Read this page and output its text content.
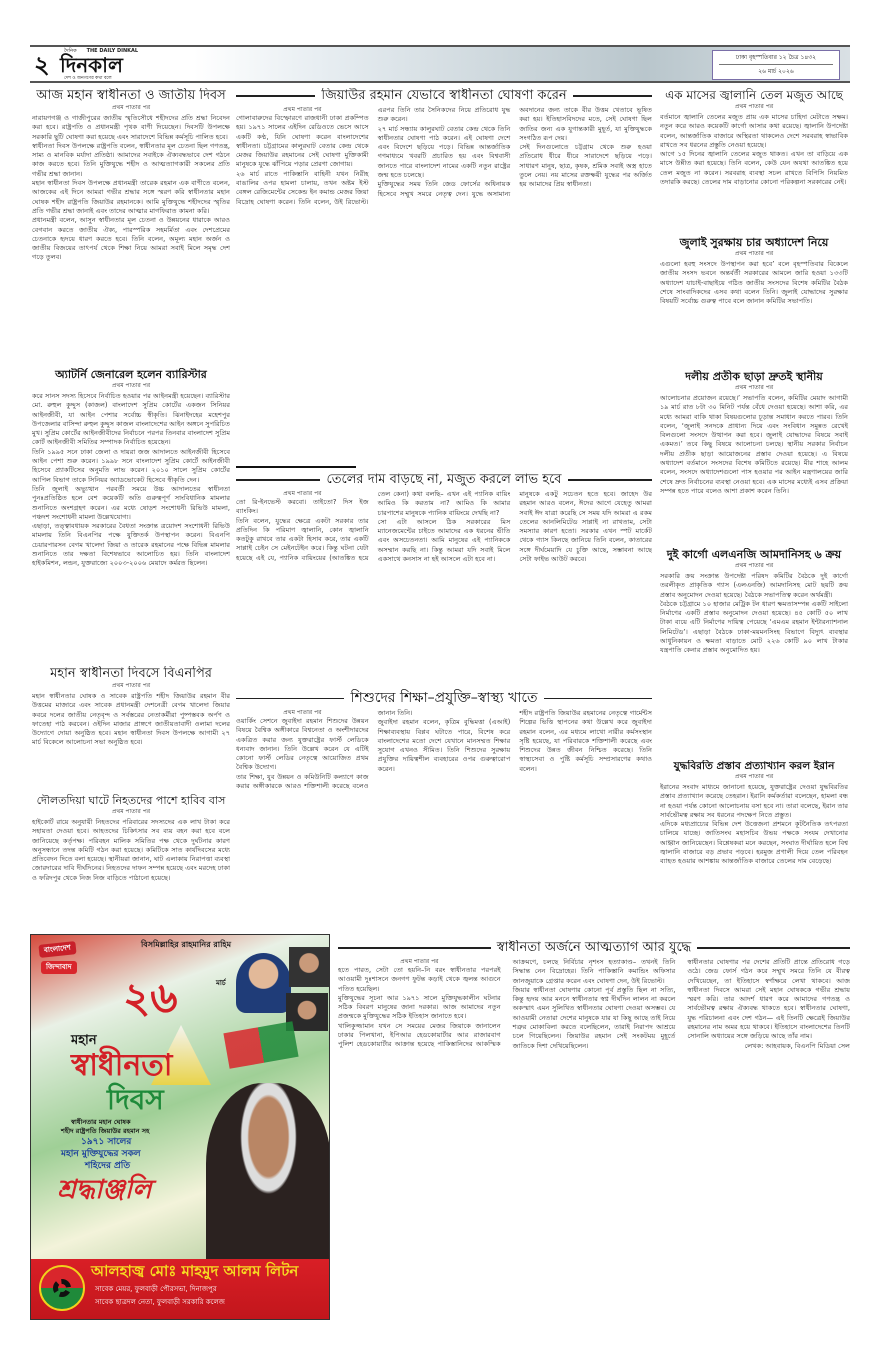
২	দৈনিক THE DAILY DINKAL
দিনকাল
দেশ ও জনগণের কথা বলে
ঢাকা বৃহস্পতিবার ১২ চৈত্র ১৪৩২
২৬ মার্চ ২০২৬
আজ মহান স্বাধীনতা ও জাতীয় দিবস
প্রথম পাতার পর

নারায়ণগঞ্জ ও গাজীপুরের জাতীয় স্মৃতিসৌধে শহীদদের প্রতি শ্রদ্ধা নিবেদন করা হবে। রাষ্ট্রপতি ও প্রধানমন্ত্রী পৃথক বাণী দিয়েছেন। দিবসটি উপলক্ষে সরকারি ছুটি ঘোষণা করা হয়েছে এবং সারাদেশে বিভিন্ন কর্মসূচি পালিত হবে।

স্বাধীনতা দিবস উপলক্ষে রাষ্ট্রপতি বলেন, স্বাধীনতার মূল চেতনা ছিল গণতন্ত্র, সাম্য ও মানবিক মর্যাদা প্রতিষ্ঠা। আমাদের সবাইকে ঐক্যবদ্ধভাবে দেশ গঠনে কাজ করতে হবে। তিনি মুক্তিযুদ্ধে শহীদ ও আত্মত্যাগকারী সকলের প্রতি গভীর শ্রদ্ধা জানান।

মহান স্বাধীনতা দিবস উপলক্ষে প্রধানমন্ত্রী তারেক রহমান এক বাণীতে বলেন, আজকের এই দিনে আমরা গভীর শ্রদ্ধার সঙ্গে স্মরণ করি স্বাধীনতার মহান ঘোষক শহীদ রাষ্ট্রপতি জিয়াউর রহমানকে। আমি মুক্তিযুদ্ধে শহীদদের স্মৃতির প্রতি গভীর শ্রদ্ধা জানাই এবং তাদের আত্মার মাগফিরাত কামনা করি।

প্রধানমন্ত্রী বলেন, আসুন স্বাধীনতার মূল চেতনা ও উন্নয়নের ধারাকে আরও বেগবান করতে জাতীয় ঐক্য, পারস্পরিক সহমর্মিতা এবং দেশপ্রেমের চেতনাকে হৃদয়ে ধারণ করতে হবে। তিনি বলেন, অমূল্য মহান অর্জন ও জাতীয় বিজয়ের তাৎপর্য থেকে শিক্ষা নিয়ে আমরা সবাই মিলে সমৃদ্ধ দেশ গড়ে তুলব।

অ্যাটর্নি জেনারেল হলেন ব্যারিস্টার
প্রথম পাতার পর

করে সানস সদস্য হিসেবে নির্বাচিত হওয়ার পর আইনমন্ত্রী হয়েছেন। ব্যারিস্টার মো. রুহুল কুদ্দুস (কাজল) বাংলাদেশ সুপ্রিম কোর্টের একজন সিনিয়র আইনজীবী, যা আইন পেশার সর্বোচ্চ স্বীকৃতি। ঝিনাইদহের মহেশপুর উপজেলার বাসিন্দা রুহুল কুদ্দুস কাজল বাংলাদেশের আইন অঙ্গনে সুপরিচিত মুখ। সুপ্রিম কোর্টের আইনজীবীদের নির্বাচনে পরপর তিনবার বাংলাদেশ সুপ্রিম কোর্ট আইনজীবী সমিতির সম্পাদক নির্বাচিত হয়েছেন।

তিনি ১৯৯৫ সনে ঢাকা জেলা ও দায়রা জজ আদালতে আইনজীবী হিসেবে আইন পেশা শুরু করেন। ১৯৯৮ সনে বাংলাদেশ সুপ্রিম কোর্টে আইনজীবী হিসেবে প্র্যাকটিসের অনুমতি লাভ করেন। ২০১০ সালে সুপ্রিম কোর্টের আপিল বিভাগ তাকে সিনিয়র অ্যাডভোকেট হিসেবে স্বীকৃতি দেন।

তিনি জুলাই অভ্যুত্থান পরবর্তী সময়ে উচ্চ আদালতের স্বাধীনতা পুনঃপ্রতিষ্ঠিত হলে বেশ কয়েকটি অতি গুরুত্বপূর্ণ সাংবিধানিক মামলার শুনানিতে অংশগ্রহণ করেন। এর মধ্যে ষোড়শ সংশোধনী রিভিউ মামলা, পঞ্চদশ সংশোধনী মামলা উল্লেখযোগ্য।

এছাড়া, তত্ত্বাবধায়ক সরকারের বৈধতা সংক্রান্ত ত্রয়োদশ সংশোধনী রিভিউ মামলায় তিনি বিএনপির পক্ষে যুক্তিতর্ক উপস্থাপন করেন। বিএনপি চেয়ারপারসন বেগম খালেদা জিয়া ও তারেক রহমানের পক্ষে বিভিন্ন মামলার শুনানিতে তার দক্ষতা বিশেষভাবে আলোচিত হয়। তিনি বাংলাদেশ হাইকমিশন, লন্ডন, যুক্তরাজ্যে ২০০৩-২০০৬ মেয়াদে কর্মরত ছিলেন।

মহান স্বাধীনতা দিবসে বিএনপির
প্রথম পাতার পর

মহান স্বাধীনতার ঘোষক ও সাবেক রাষ্ট্রপতি শহীদ জিয়াউর রহমান বীর উত্তমের মাজারে এবং সাবেক প্রধানমন্ত্রী দেশনেত্রী বেগম খালেদা জিয়ার কবরে দলের জাতীয় নেতৃবৃন্দ ও সর্বস্তরের নেতাকর্মীরা পুষ্পস্তবক অর্পণ ও ফাতেহা পাঠ করবেন। ওইদিন মাজার প্রাঙ্গণে জাতীয়তাবাদী ওলামা দলের উদ্যোগে দোয়া অনুষ্ঠিত হবে। মহান স্বাধীনতা দিবস উপলক্ষে আগামী ২৭ মার্চ বিকেলে আলোচনা সভা অনুষ্ঠিত হবে।

দৌলতদিয়া ঘাটে নিহতদের পাশে হাবিব বাস
প্রথম পাতার পর

হাইকোর্ট রায়ে অনুযায়ী নিহতদের পরিবারের সদস্যদের এক লাখ টাকা করে সহায়তা দেওয়া হবে। আহতদের চিকিৎসার সব ব্যয় বহন করা হবে বলে জানিয়েছে কর্তৃপক্ষ। পরিবহন মালিক সমিতির পক্ষ থেকে দুর্ঘটনার কারণ অনুসন্ধানে তদন্ত কমিটি গঠন করা হয়েছে। কমিটিকে সাত কার্যদিবসের মধ্যে প্রতিবেদন দিতে বলা হয়েছে। স্থানীয়রা জানান, ঘাট এলাকায় নিরাপত্তা ব্যবস্থা জোরদারের দাবি দীর্ঘদিনের। নিহতদের দাফন সম্পন্ন হয়েছে এবং মরদেহ ঢাকা ও ফরিদপুর থেকে নিজ নিজ বাড়িতে পাঠানো হয়েছে।

জিয়াউর রহমান যেভাবে স্বাধীনতা ঘোষণা করেন
প্রথম পাতার পর

গোলাবারুদের বিস্ফোরণে রাজধানী ঢাকা প্রকম্পিত হয়। ১৯৭১ সালের এইদিন রেডিওতে ভেসে আসে একটি কণ্ঠ, যিনি ঘোষণা করেন বাংলাদেশের স্বাধীনতা। চট্টগ্রামের কালুরঘাট বেতার কেন্দ্র থেকে মেজর জিয়াউর রহমানের সেই ঘোষণা মুক্তিকামী মানুষকে যুদ্ধে ঝাঁপিয়ে পড়ার প্রেরণা জোগায়।

২৬ মার্চ রাতে পাকিস্তানি বাহিনী যখন নিরীহ বাঙালির ওপর হামলা চালায়, তখন অষ্টম ইস্ট বেঙ্গল রেজিমেন্টের সেকেন্ড ইন কমান্ড মেজর জিয়া বিদ্রোহ ঘোষণা করেন। তিনি বলেন, উই রিভোল্ট। এরপর তিনি তার সৈনিকদের নিয়ে প্রতিরোধ যুদ্ধ শুরু করেন।

২৭ মার্চ সন্ধ্যায় কালুরঘাট বেতার কেন্দ্র থেকে তিনি স্বাধীনতার ঘোষণা পাঠ করেন। এই ঘোষণা দেশে এবং বিদেশে ছড়িয়ে পড়ে। বিভিন্ন আন্তর্জাতিক গণমাধ্যমে খবরটি প্রচারিত হয় এবং বিশ্ববাসী জানতে পারে বাংলাদেশ নামের একটি নতুন রাষ্ট্রের জন্ম হতে চলেছে।

মুক্তিযুদ্ধের সময় তিনি জেড ফোর্সের অধিনায়ক হিসেবে সম্মুখ সমরে নেতৃত্ব দেন। যুদ্ধে অসামান্য অবদানের জন্য তাকে বীর উত্তম খেতাবে ভূষিত করা হয়। ইতিহাসবিদদের মতে, সেই ঘোষণা ছিল জাতির জন্য এক যুগান্তকারী মুহূর্ত, যা মুক্তিযুদ্ধকে সংগঠিত রূপ দেয়।

সেই দিনগুলোতে চট্টগ্রাম থেকে শুরু হওয়া প্রতিরোধ ধীরে ধীরে সারাদেশে ছড়িয়ে পড়ে। সাধারণ মানুষ, ছাত্র, কৃষক, শ্রমিক সবাই অস্ত্র হাতে তুলে নেয়। নয় মাসের রক্তক্ষয়ী যুদ্ধের পর অর্জিত হয় আমাদের প্রিয় স্বাধীনতা।

তেলের দাম বাড়ছে না, মজুত করলে লাভ হবে
প্রথম পাতার পর

তো রি-ইনভেস্ট করবো। তাইতো? দিস ইজ ব্যাংকিং।

তিনি বলেন, যুদ্ধের ক্ষেত্রে একটা সরকার তার প্রতিদিন কি পরিমাণ জ্বালানি, কোন জ্বালানি কতটুকু রাখবে তার একটা হিসাব করে, তার একটি সাপ্লাই চেইন সে মেইনটেইন করে। কিন্তু ঘটনা যেটা হয়েছে এই যে, প্যানিক বায়িংয়ের (আতঙ্কিত হয়ে তেল কেনা) কথা বলছি– এখন এই প্যানিক বায়িং আমিও কি করতাম না? আমিও কি আমার চারপাশের মানুষকে প্যানিক বায়িংয়ে দেখছি না?

সো এটা আসলে ঠিক সরকারের মিস ম্যানেজমেন্টের চাইতে আমাদের এক ধরনের ভীতি এবং অসচেতনতা। আমি মানুষের এই প্যানিককে অসম্মান করছি না। কিন্তু আমরা যদি সবাই মিলে একসাথে কনসাস না হই আসলে এটা হবে না।

মানুষকে একটু সচেতন হতে হবে। জাহেদ উর রহমান আরও বলেন, ঈদের আগে যেহেতু আমরা সবাই ঈদ যাত্রা করেছি সে সময় যদি আমরা এ রকম তেলের আনলিমিটেড সাপ্লাই না রাখতাম, সেটা সমস্যার কারণ হতো। সরকার এখন স্পট মার্কেট থেকে গ্যাস কিনছে জানিয়ে তিনি বলেন, কাতারের সঙ্গে দীর্ঘমেয়াদি যে চুক্তি আছে, সম্ভাবনা আছে সেটা ফাইভ আউট করবে।

শিশুদের শিক্ষা–প্রযুক্তি–স্বাস্থ্য খাতে
প্রথম পাতার পর

ওয়ার্কিং সেশনে জুবাইদা রহমান শিশুদের উন্নয়ন বিষয়ে বৈশ্বিক অঙ্গীকারে বিশ্বনেতা ও অংশীদারদের একত্রিত করার জন্য যুক্তরাষ্ট্রের ফার্স্ট লেডিকে ধন্যবাদ জানান। তিনি উল্লেখ করেন যে এটিই কোনো ফার্স্ট লেডির নেতৃত্বে আয়োজিত প্রথম বৈশ্বিক উদ্যোগ।

তার শিক্ষা, যুব উন্নয়ন ও কমিউনিটি কল্যাণে কাজ করার অঙ্গীকারকে আরও শক্তিশালী করেছে বলেও জানান তিনি।

জুবাইদা রহমান বলেন, কৃত্রিম বুদ্ধিমত্তা (এআই) শিক্ষাব্যবস্থায় বিপ্লব ঘটাতে পারে, বিশেষ করে বাংলাদেশের মতো দেশে যেখানে মানসম্মত শিক্ষার সুযোগ এখনও সীমিত। তিনি শিশুদের সুরক্ষায় প্রযুক্তির দায়িত্বশীল ব্যবহারের ওপর গুরুত্বারোপ করেন।

শহীদ রাষ্ট্রপতি জিয়াউর রহমানের নেতৃত্বে গার্মেন্টস শিল্পের ভিত্তি স্থাপনের কথা উল্লেখ করে জুবাইদা রহমান বলেন, এর মধ্যমে লাখো নারীর কর্মসংস্থান সৃষ্টি হয়েছে, যা পরিবারকে শক্তিশালী করেছে এবং শিশুদের উন্নত জীবন নিশ্চিত করেছে। তিনি স্বাস্থ্যসেবা ও পুষ্টি কর্মসূচি সম্প্রসারণের কথাও বলেন।

এক মাসের জ্বালানি তেল মজুত আছে
প্রথম পাতার পর

বর্তমানে জ্বালানি তেলের মজুত প্রায় এক মাসের চাহিদা মেটাতে সক্ষম। নতুন করে আরও কয়েকটি কার্গো আসার কথা রয়েছে। জ্বালানি উপদেষ্টা বলেন, আন্তর্জাতিক বাজারে অস্থিরতা থাকলেও দেশে সরবরাহ স্বাভাবিক রাখতে সব ধরনের প্রস্তুতি নেওয়া হয়েছে।

আগে ১৫ দিনের জ্বালানি তেলের মজুত থাকত। এখন তা বাড়িয়ে এক মাসে উন্নীত করা হয়েছে। তিনি বলেন, কেউ যেন অযথা আতঙ্কিত হয়ে তেল মজুত না করেন। সরবরাহ ব্যবস্থা সচল রাখতে বিপিসি নিয়মিত তদারকি করছে। তেলের দাম বাড়ানোর কোনো পরিকল্পনা সরকারের নেই।

জুলাই সুরক্ষায় চার অধ্যাদেশ নিয়ে
প্রথম পাতার পর

এগুলো হবহু সংসদে উপস্থাপন করা হবে’ বলে বৃহস্পতিবার বিকেলে জাতীয় সংসদ ভবনে অন্তর্বর্তী সরকারের আমলে জারি হওয়া ১৩৩টি অধ্যাদেশ যাচাই-বাছাইয়ে গঠিত জাতীয় সংসদের বিশেষ কমিটির বৈঠক শেষে সাংবাদিকদের এসব কথা বলেন তিনি। জুলাই যোদ্ধাদের সুরক্ষার বিষয়টি সর্বোচ্চ গুরুত্ব পাবে বলে জানান কমিটির সভাপতি।

দলীয় প্রতীক ছাড়া দ্রুতই স্থানীয়
প্রথম পাতার পর

আলোচনার প্রয়োজন রয়েছে।’ সভাপতি বলেন, কমিটির মেয়াদ আগামী ১৯ মার্চ রাত ৮টা ৩০ মিনিট পর্যন্ত বেঁধে দেওয়া হয়েছে। আশা করি, এর মধ্যে আমরা বাকি থাকা বিষয়গুলোর চূড়ান্ত সমাধান করতে পারব। তিনি বলেন, ‘জুলাই সনদকে প্রাধান্য দিয়ে এবং সংবিধান সমুন্নত রেখেই বিলগুলো সংসদে উত্থাপন করা হবে। জুলাই যোদ্ধাদের বিষয়ে সবাই একমত।’ তবে কিছু বিষয়ে আলোচনা চলছে। স্থানীয় সরকার নির্বাচন দলীয় প্রতীক ছাড়া আয়োজনের প্রস্তাব দেওয়া হয়েছে। এ বিষয়ে অধ্যাদেশ বর্তমানে সংসদের বিশেষ কমিটিতে রয়েছে। মীর শাহে আলম বলেন, সংসদে অধ্যাদেশগুলো পাস হওয়ার পর আইন মন্ত্রণালয়ের জারি শেষে দ্রুত নির্বাচনের ব্যবস্থা নেওয়া হবে। এক মাসের মধ্যেই এসব প্রক্রিয়া সম্পন্ন হতে পারে বলেও আশা প্রকাশ করেন তিনি।

দুই কার্গো এলএনজি আমদানিসহ ৬ ক্রয়
প্রথম পাতার পর

সরকারি ক্রয় সংক্রান্ত উপদেষ্টা পরিষদ কমিটির বৈঠকে দুই কার্গো তরলীকৃত প্রাকৃতিক গ্যাস (এলএনজি) আমদানিসহ মোট ছয়টি ক্রয় প্রস্তাব অনুমোদন দেওয়া হয়েছে। বৈঠকে সভাপতিত্ব করেন অর্থমন্ত্রী।

বৈঠকে চট্টগ্রামে ১০ হাজার মেট্রিক টন ধারণ ক্ষমতাসম্পন্ন একটি সাইলো নির্মাণের একটি প্রস্তাব অনুমোদন দেওয়া হয়েছে। ৪৫ কোটি ৫০ লাখ টাকা ব্যয়ে এটি নির্মাণের দায়িত্ব পেয়েছে ‘এমএম রহমান ইন্টারন্যাশনাল লিমিটেড’। এছাড়া বৈঠকে ঢাকা-ময়মনসিংহ বিভাগে বিদ্যুৎ ব্যবস্থার আধুনিকায়ন ও ক্ষমতা বাড়াতে মোট ২২৬ কোটি ৯০ লাখ টাকার যন্ত্রপাতি কেনার প্রস্তাব অনুমোদিত হয়।

যুদ্ধবিরতি প্রস্তাব প্রত্যাখ্যান করল ইরান
প্রথম পাতার পর

ইরানের সংবাদ মাধ্যমে জানানো হয়েছে, যুক্তরাষ্ট্রের দেওয়া যুদ্ধবিরতির প্রস্তাব প্রত্যাখ্যান করেছে তেহরান। ইরানি কর্মকর্তারা বলেছেন, হামলা বন্ধ না হওয়া পর্যন্ত কোনো আলোচনায় বসা হবে না। তারা বলেছে, ইরান তার সার্বভৌমত্ব রক্ষায় সব ধরনের পদক্ষেপ নিতে প্রস্তুত।

এদিকে মধ্যপ্রাচ্যের বিভিন্ন দেশ উত্তেজনা প্রশমনে কূটনৈতিক তৎপরতা চালিয়ে যাচ্ছে। জাতিসংঘ মহাসচিব উভয় পক্ষকে সংযম দেখানোর আহ্বান জানিয়েছেন। বিশ্লেষকরা মনে করছেন, সংঘাত দীর্ঘায়িত হলে বিশ্ব জ্বালানি বাজারে বড় প্রভাব পড়বে। হরমুজ প্রণালী দিয়ে তেল পরিবহন ব্যাহত হওয়ার আশঙ্কায় আন্তর্জাতিক বাজারে তেলের দাম বেড়েছে।

স্বাধীনতা অর্জনে আত্মত্যাগ আর যুদ্ধে
প্রথম পাতার পর

হতে পারত, সেটা তো হয়নি–নি বরং স্বাধীনতার পরপরই আওয়ামী দুঃশাসনে জনগণ ফুটন্ত কড়াই থেকে জ্বলন্ত আগুনে পতিত হয়েছিল।

মুক্তিযুদ্ধের সূচনা আর ১৯৭১ সালে মুক্তিযুদ্ধকালীন ঘটনার সঠিক বিবরণ মানুষের জানা দরকার। আজ আমাদের নতুন প্রজন্মকে মুক্তিযুদ্ধের সঠিক ইতিহাস জানাতে হবে।

খালিকুজ্জামান যখন সে সময়ের মেজর জিয়াকে জানালেন ঢাকার পিলখানা, ইপিআর হেডকোয়ার্টার আর রাজারবাগ পুলিশ হেডকোয়ার্টার আক্রান্ত হয়েছে পাকিস্তানিদের আকস্মিক আক্রমণে, চলছে নির্বিচার নৃশংস হত্যাকাণ্ড– তখনই তিনি সিদ্ধান্ত নেন বিদ্রোহের। তিনি পাকিস্তানি কমান্ডিং অফিসার জানজুয়াকে গ্রেপ্তার করেন এবং ঘোষণা দেন, উই রিভোল্ট।

জিয়ার স্বাধীনতা ঘোষণার কোনো পূর্ব প্রস্তুতি ছিল না সত্যি, কিন্তু হৃদয় আর মননে স্বাধীনতার স্বপ্ন দীর্ঘদিন লালন না করলে অকস্মাৎ এমন সুলিখিত স্বাধীনতার ঘোষণা দেওয়া অসম্ভব। যে আওয়ামী নেতারা দেশের মানুষকে যার যা কিছু আছে তাই নিয়ে শত্রুর মোকাবিলা করতে বলেছিলেন, তারাই নিরাপদ আশ্রয়ে চলে গিয়েছিলেন। জিয়াউর রহমান সেই সংকটময় মুহূর্তে জাতিকে দিশা দেখিয়েছিলেন।

স্বাধীনতার ঘোষণার পর দেশের প্রতিটি প্রান্তে প্রতিরোধ গড়ে ওঠে। জেড ফোর্স গঠন করে সম্মুখ সমরে তিনি যে বীরত্ব দেখিয়েছেন, তা ইতিহাসে স্বর্ণাক্ষরে লেখা থাকবে। আজ স্বাধীনতা দিবসে আমরা সেই মহান ঘোষককে গভীর শ্রদ্ধায় স্মরণ করি। তার আদর্শ ধারণ করে আমাদের গণতন্ত্র ও সার্বভৌমত্ব রক্ষায় ঐক্যবদ্ধ থাকতে হবে। স্বাধীনতার ঘোষণা, যুদ্ধ পরিচালনা এবং দেশ গঠন— এই তিনটি ক্ষেত্রেই জিয়াউর রহমানের নাম অমর হয়ে থাকবে। ইতিহাসে বাংলাদেশের তিনটি সোনালি অধ্যায়ের সঙ্গে জড়িয়ে আছে তাঁর নাম।

লেখক: আহবায়ক, বিএনপি মিডিয়া সেল

বিসমিল্লাহির রাহমানির রাহিম
বাংলাদেশ
জিন্দাবাদ
২৬	মার্চ
মহান
স্বাধীনতা
দিবস
স্বাধীনতার মহান ঘোষক
শহীদ রাষ্ট্রপতি জিয়াউর রহমান সহ
১৯৭১ সালের
মহান মুক্তিযুদ্ধের সকল
শহিদের প্রতি
শ্রদ্ধাঞ্জলি
আলহাজ্ব মোঃ মাহমুদ আলম লিটন
সাবেক মেয়র, ফুলবাড়ী পৌরসভা, দিনাজপুর
সাবেক ছাত্রদল নেতা, ফুলবাড়ী সরকারি কলেজ
